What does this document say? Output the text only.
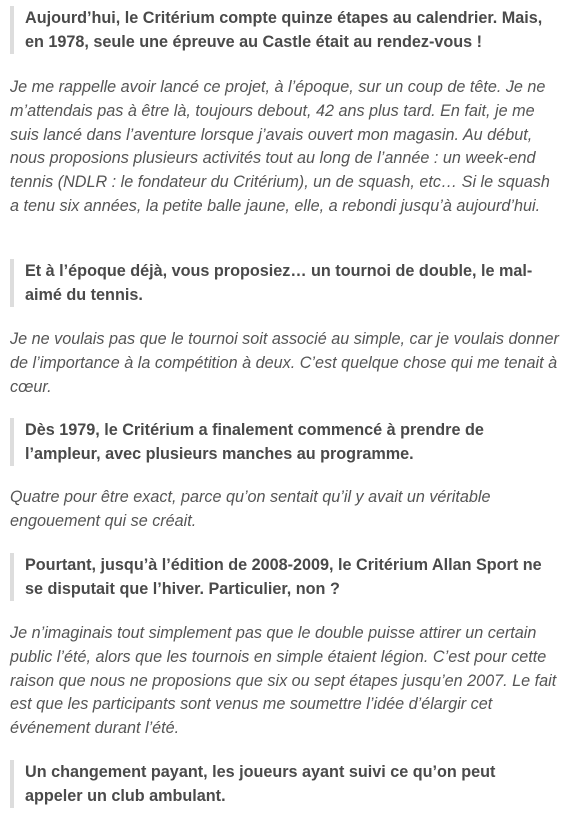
Aujourd’hui, le Critérium compte quinze étapes au calendrier. Mais, en 1978, seule une épreuve au Castle était au rendez-vous !

Je me rappelle avoir lancé ce projet, à l’époque, sur un coup de tête. Je ne m’attendais pas à être là, toujours debout, 42 ans plus tard. En fait, je me suis lancé dans l’aventure lorsque j’avais ouvert mon magasin. Au début, nous proposions plusieurs activités tout au long de l’année : un week-end tennis (NDLR : le fondateur du Critérium), un de squash, etc… Si le squash a tenu six années, la petite balle jaune, elle, a rebondi jusqu’à aujourd’hui.

Et à l’époque déjà, vous proposiez… un tournoi de double, le mal-aimé du tennis.

Je ne voulais pas que le tournoi soit associé au simple, car je voulais donner de l’importance à la compétition à deux. C’est quelque chose qui me tenait à cœur.

Dès 1979, le Critérium a finalement commencé à prendre de l’ampleur, avec plusieurs manches au programme.

Quatre pour être exact, parce qu’on sentait qu’il y avait un véritable engouement qui se créait.

Pourtant, jusqu’à l’édition de 2008-2009, le Critérium Allan Sport ne se disputait que l’hiver. Particulier, non ?

Je n’imaginais tout simplement pas que le double puisse attirer un certain public l’été, alors que les tournois en simple étaient légion. C’est pour cette raison que nous ne proposions que six ou sept étapes jusqu’en 2007. Le fait est que les participants sont venus me soumettre l’idée d’élargir cet événement durant l’été.

Un changement payant, les joueurs ayant suivi ce qu’on peut appeler un club ambulant.
